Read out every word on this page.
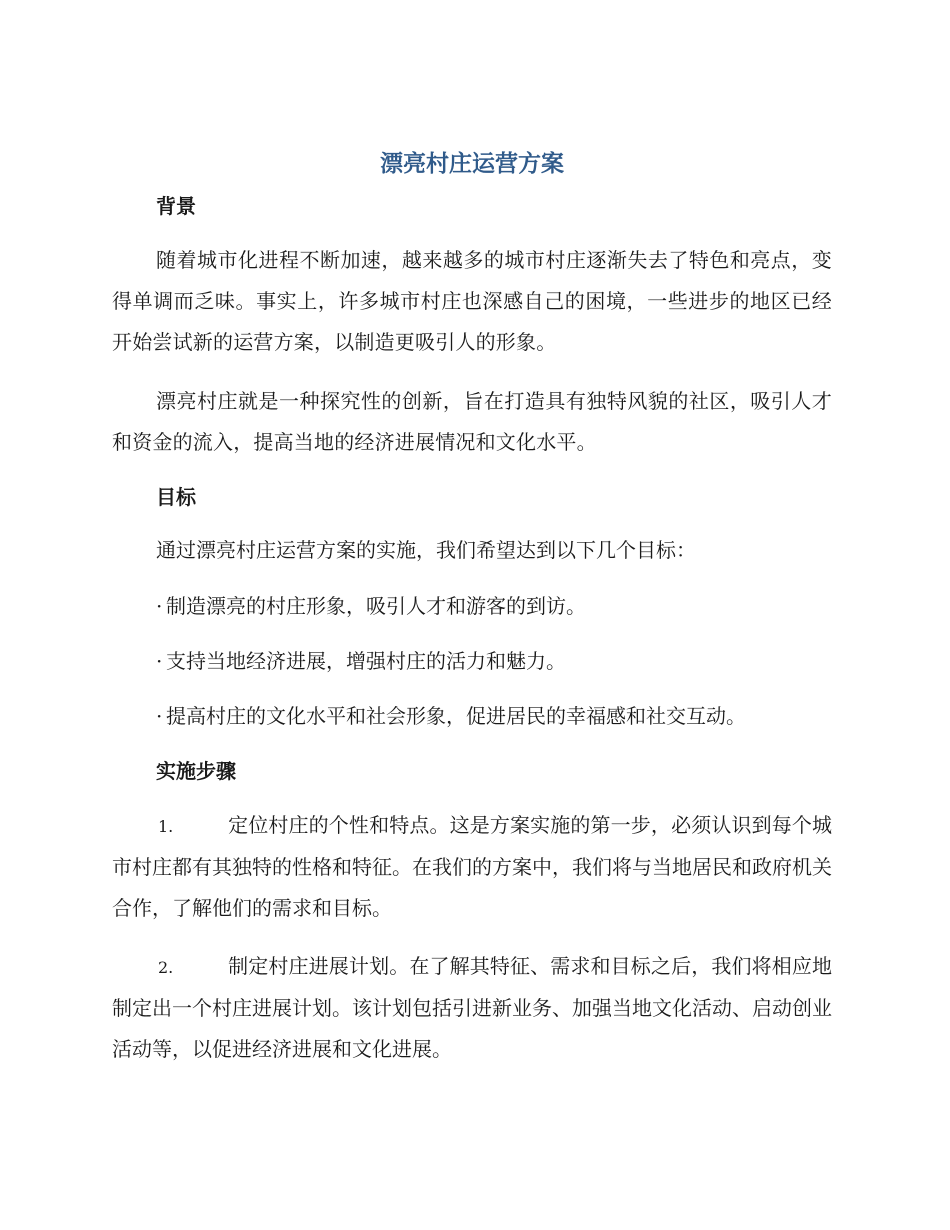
漂亮村庄运营方案
背景

随着城市化进程不断加速，越来越多的城市村庄逐渐失去了特色和亮点，变得单调而乏味。事实上，许多城市村庄也深感自己的困境，一些进步的地区已经开始尝试新的运营方案，以制造更吸引人的形象。

漂亮村庄就是一种探究性的创新，旨在打造具有独特风貌的社区，吸引人才和资金的流入，提高当地的经济进展情况和文化水平。

目标

通过漂亮村庄运营方案的实施，我们希望达到以下几个目标：

· 制造漂亮的村庄形象，吸引人才和游客的到访。

· 支持当地经济进展，增强村庄的活力和魅力。

· 提高村庄的文化水平和社会形象，促进居民的幸福感和社交互动。

实施步骤

1.	定位村庄的个性和特点。这是方案实施的第一步，必须认识到每个城市村庄都有其独特的性格和特征。在我们的方案中，我们将与当地居民和政府机关合作，了解他们的需求和目标。

2.	制定村庄进展计划。在了解其特征、需求和目标之后，我们将相应地制定出一个村庄进展计划。该计划包括引进新业务、加强当地文化活动、启动创业活动等，以促进经济进展和文化进展。
